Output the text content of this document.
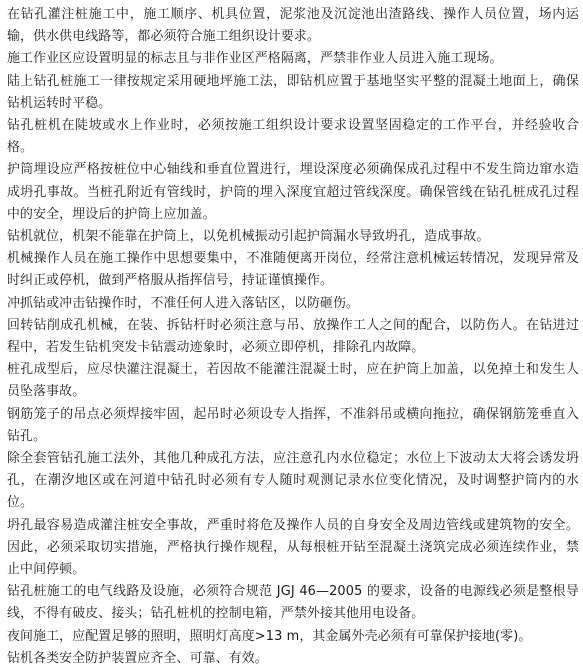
在钻孔灌注桩施工中，施工顺序、机具位置，泥浆池及沉淀池出渣路线、操作人员位置，场内运输，供水供电线路等，都必须符合施工组织设计要求。

施工作业区应设置明显的标志且与非作业区严格隔离，严禁非作业人员进入施工现场。

陆上钻孔桩施工一律按规定采用硬地坪施工法，即钻机应置于基地坚实平整的混凝土地面上，确保钻机运转时平稳。

钻孔桩机在陡坡或水上作业时，必须按施工组织设计要求设置坚固稳定的工作平台，并经验收合格。

护筒埋设应严格按桩位中心轴线和垂直位置进行，埋设深度必须确保成孔过程中不发生筒边窜水造成坍孔事故。当桩孔附近有管线时，护筒的埋入深度宜超过管线深度。确保管线在钻孔桩成孔过程中的安全，埋设后的护筒上应加盖。

钻机就位，机架不能靠在护筒上，以免机械振动引起护筒漏水导致坍孔，造成事故。

机械操作人员在施工操作中思想要集中，不准随便离开岗位，经常注意机械运转情况，发现异常及时纠正或停机，做到严格服从指挥信号，持证谨慎操作。

冲抓钻或冲击钻操作时，不准任何人进入落钻区，以防砸伤。

回转钻削成孔机械，在装、拆钻杆时必须注意与吊、放操作工人之间的配合，以防伤人。在钻进过程中，若发生钻机突发卡钻震动迹象时，必须立即停机，排除孔内故障。

桩孔成型后，应尽快灌注混凝土，若因故不能灌注混凝土时，应在护筒上加盖，以免掉土和发生人员坠落事故。

钢筋笼子的吊点必须焊接牢固，起吊时必须设专人指挥，不准斜吊或横向拖拉，确保钢筋笼垂直入钻孔。

除全套管钻孔施工法外，其他几种成孔方法，应注意孔内水位稳定；水位上下波动太大将会诱发坍孔，在潮汐地区或在河道中钻孔时必须有专人随时观测记录水位变化情况，及时调整护筒内的水位。

坍孔最容易造成灌注桩安全事故，严重时将危及操作人员的自身安全及周边管线或建筑物的安全。因此，必须采取切实措施，严格执行操作规程，从每根桩开钻至混凝土浇筑完成必须连续作业，禁止中间停顿。

钻孔桩施工的电气线路及设施，必须符合规范 JGJ 46—2005 的要求，设备的电源线必须是整根导线，不得有破皮、接头；钻孔桩机的控制电箱，严禁外接其他用电设备。

夜间施工，应配置足够的照明，照明灯高度>13 m，其金属外壳必须有可靠保护接地(零)。

钻机各类安全防护装置应齐全、可靠、有效。
